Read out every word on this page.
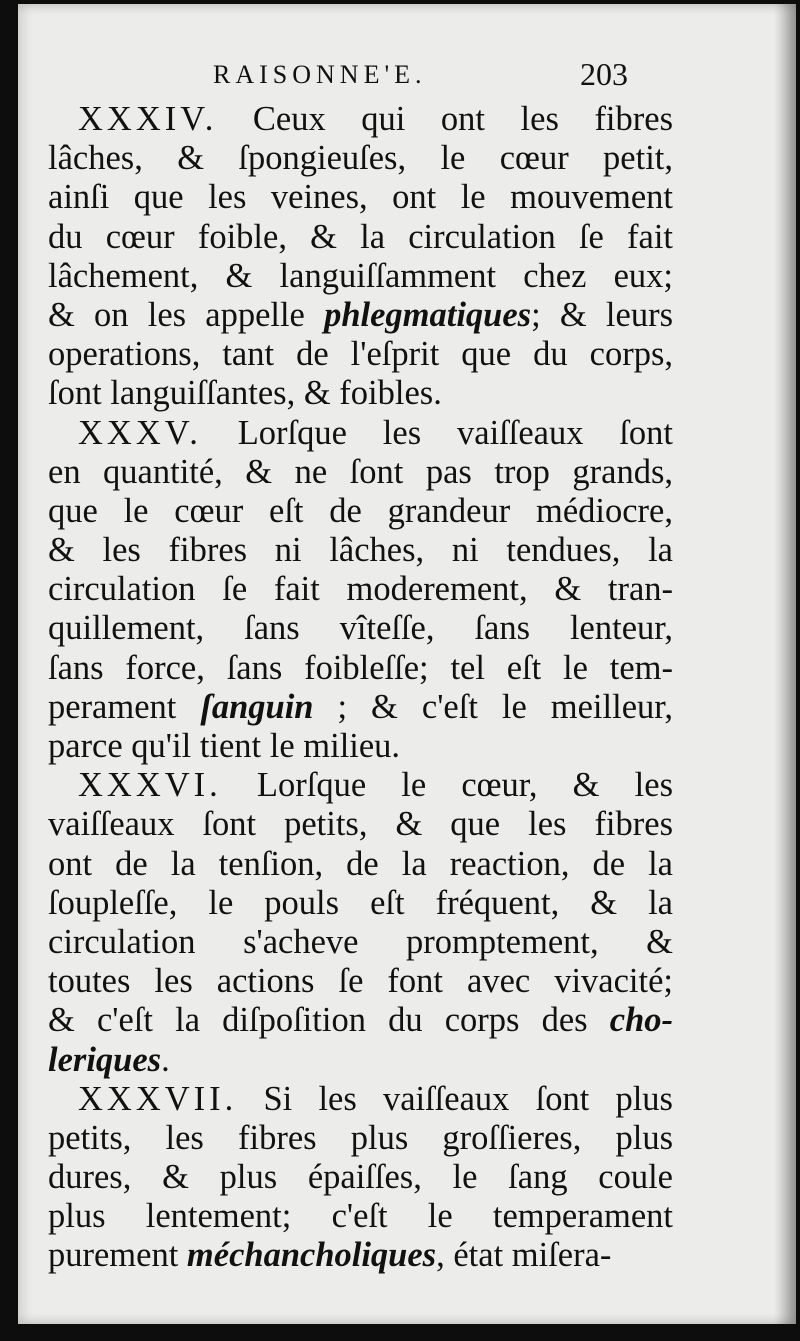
RAISONNE'E.	203
XXXIV. Ceux qui ont les fibres
lâches, & ſpongieuſes, le cœur petit,
ainſi que les veines, ont le mouvement
du cœur foible, & la circulation ſe fait
lâchement, & languiſſamment chez eux;
& on les appelle phlegmatiques; & leurs
operations, tant de l'eſprit que du corps,
ſont languiſſantes, & foibles.
XXXV. Lorſque les vaiſſeaux ſont
en quantité, & ne ſont pas trop grands,
que le cœur eſt de grandeur médiocre,
& les fibres ni lâches, ni tendues, la
circulation ſe fait moderement, & tran-
quillement, ſans vîteſſe, ſans lenteur,
ſans force, ſans foibleſſe; tel eſt le tem-
perament ſanguin ; & c'eſt le meilleur,
parce qu'il tient le milieu.
XXXVI. Lorſque le cœur, & les
vaiſſeaux ſont petits, & que les fibres
ont de la tenſion, de la reaction, de la
ſoupleſſe, le pouls eſt fréquent, & la
circulation s'acheve promptement, &
toutes les actions ſe font avec vivacité;
& c'eſt la diſpoſition du corps des cho-
leriques.
XXXVII. Si les vaiſſeaux ſont plus
petits, les fibres plus groſſieres, plus
dures, & plus épaiſſes, le ſang coule
plus lentement; c'eſt le temperament
purement méchancholiques, état miſera-
